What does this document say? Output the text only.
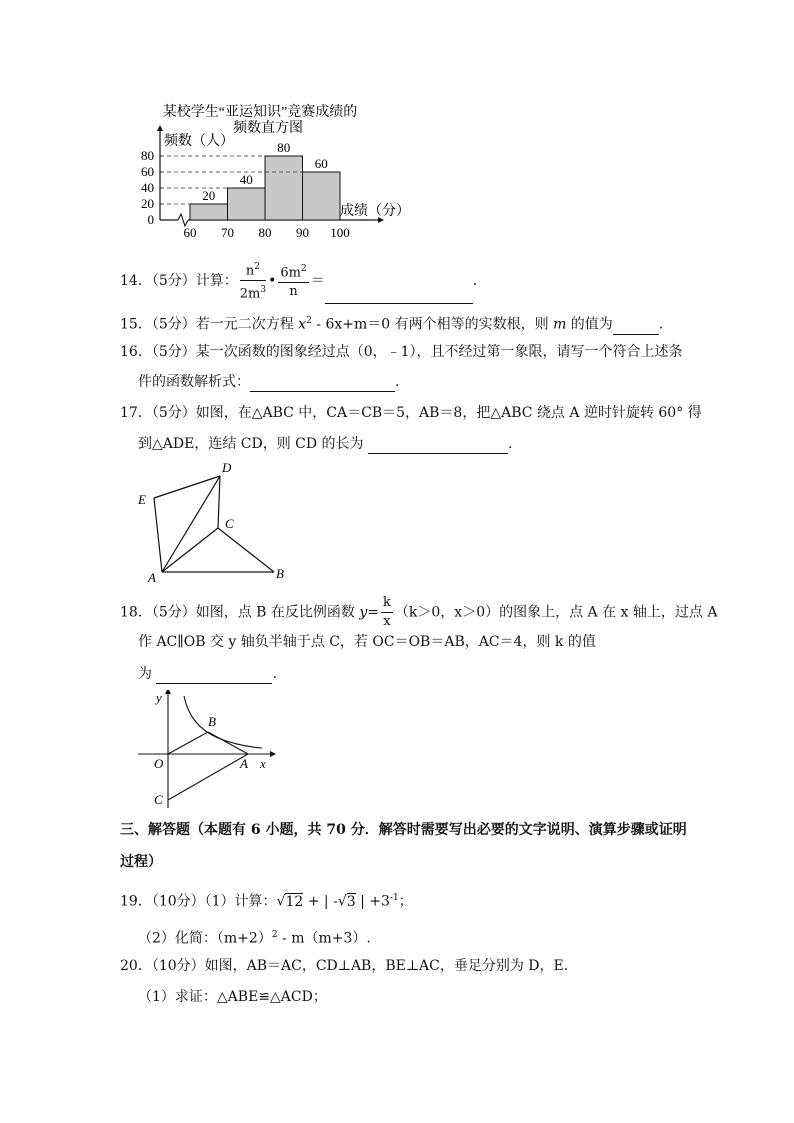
某校学生“亚运知识”竞赛成绩的
频数直方图
频数（人）
0
20
40
60
80
20
40
80
60
60 70 80 90 100
成绩（分）
14．（5分）计算： $\frac{n^2}{2m^3}$ • $\frac{6m^2}{n}$ ＝	.
15．（5分）若一元二次方程 $x^2 - 6x+m=0$ 有两个相等的实数根，则 m 的值为	.
16．（5分）某一次函数的图象经过点（0，﹣1），且不经过第一象限，请写一个符合上述条
件的函数解析式：	.
17．（5分）如图，在△ABC 中，CA＝CB＝5，AB＝8，把△ABC 绕点 A 逆时针旋转 60° 得
到△ADE，连结 CD，则 CD 的长为	.
D
E
C
A	B
18．（5分）如图，点 B 在反比例函数 $y= \frac{k}{x} (k>0$，x＞0）的图象上，点 A 在 x 轴上，过点 A
作 AC∥OB 交 y 轴负半轴于点 C，若 OC＝OB＝AB，AC＝4，则 k 的值
为	.
y
x
O	A
B
C
三、解答题（本题有 6 小题，共 70 分．解答时需要写出必要的文字说明、演算步骤或证明
过程）
19．（10分）（1）计算：√12 + | -√3 | $+3^{-1}$；
（2）化简：$(m+2)^2 - m(m+3)$.
20．（10分）如图，AB＝AC，CD⊥AB，BE⊥AC，垂足分别为 D，E.
（1）求证：△ABE≌△ACD；
